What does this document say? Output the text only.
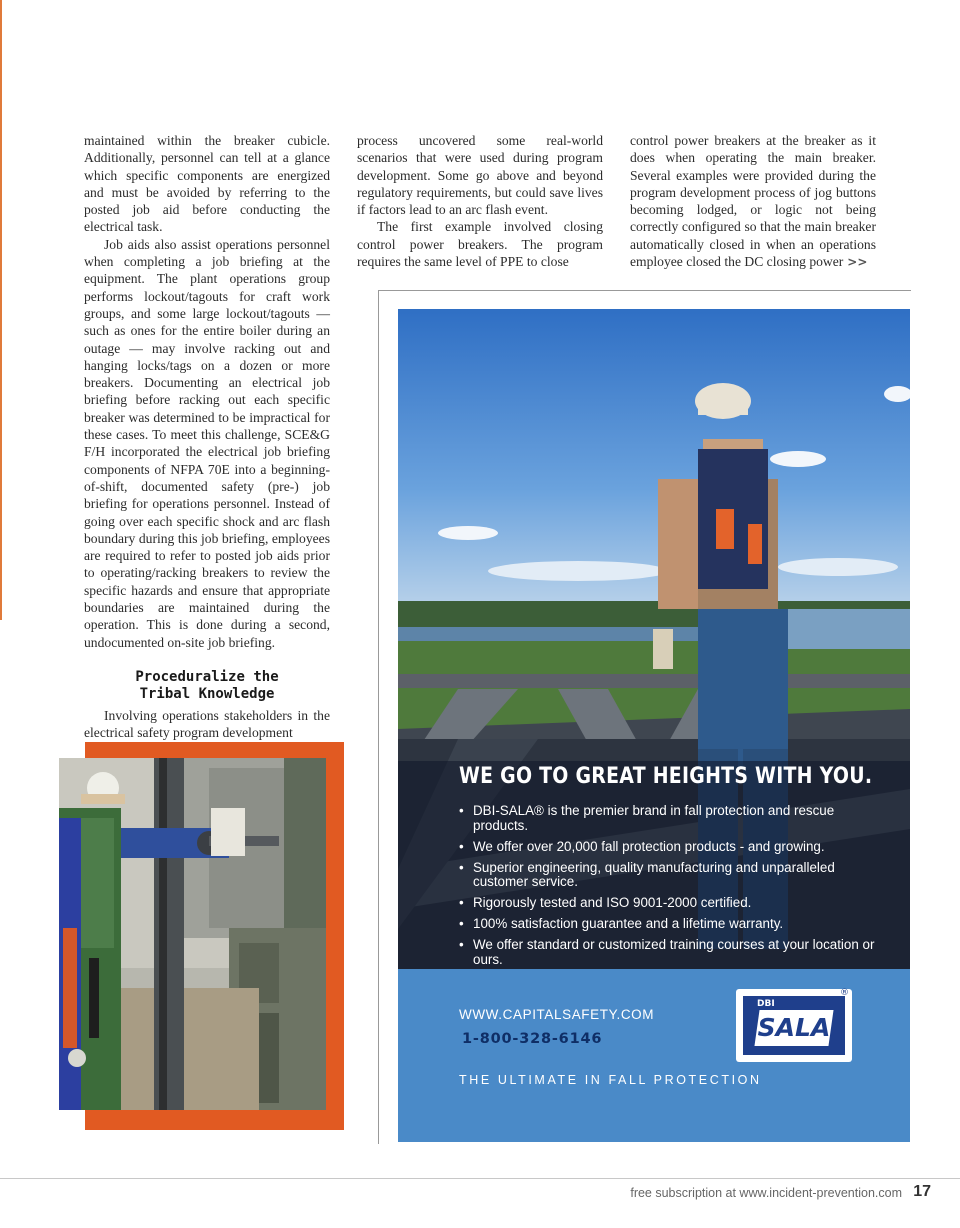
maintained within the breaker cubicle. Additionally, personnel can tell at a glance which specific components are energized and must be avoided by referring to the posted job aid before conducting the electrical task.

Job aids also assist operations personnel when completing a job briefing at the equipment. The plant operations group performs lockout/tagouts for craft work groups, and some large lockout/tagouts — such as ones for the entire boiler during an outage — may involve racking out and hanging locks/tags on a dozen or more breakers. Documenting an electrical job briefing before racking out each specific breaker was determined to be impractical for these cases. To meet this challenge, SCE&G F/H incorporated the electrical job briefing components of NFPA 70E into a beginning-of-shift, documented safety (pre-) job briefing for operations personnel. Instead of going over each specific shock and arc flash boundary during this job briefing, employees are required to refer to posted job aids prior to operating/racking breakers to review the specific hazards and ensure that appropriate boundaries are maintained during the operation. This is done during a second, undocumented on-site job briefing.

Proceduralize the
Tribal Knowledge

Involving operations stakeholders in the electrical safety program development

process uncovered some real-world scenarios that were used during program development. Some go above and beyond regulatory requirements, but could save lives if factors lead to an arc flash event.

The first example involved closing control power breakers. The program requires the same level of PPE to close

control power breakers at the breaker as it does when operating the main breaker. Several examples were provided during the program development process of jog buttons becoming lodged, or logic not being correctly configured so that the main breaker automatically closed in when an operations employee closed the DC closing power >>

WE GO TO GREAT HEIGHTS WITH YOU.
• DBI-SALA® is the premier brand in fall protection and rescue products.
• We offer over 20,000 fall protection products - and growing.
• Superior engineering, quality manufacturing and unparalleled customer service.
• Rigorously tested and ISO 9001-2000 certified.
• 100% satisfaction guarantee and a lifetime warranty.
• We offer standard or customized training courses at your location or ours.
WWW.CAPITALSAFETY.COM
1-800-328-6146
THE ULTIMATE IN FALL PROTECTION
DBI
SALA
®
free subscription at www.incident-prevention.com 17
